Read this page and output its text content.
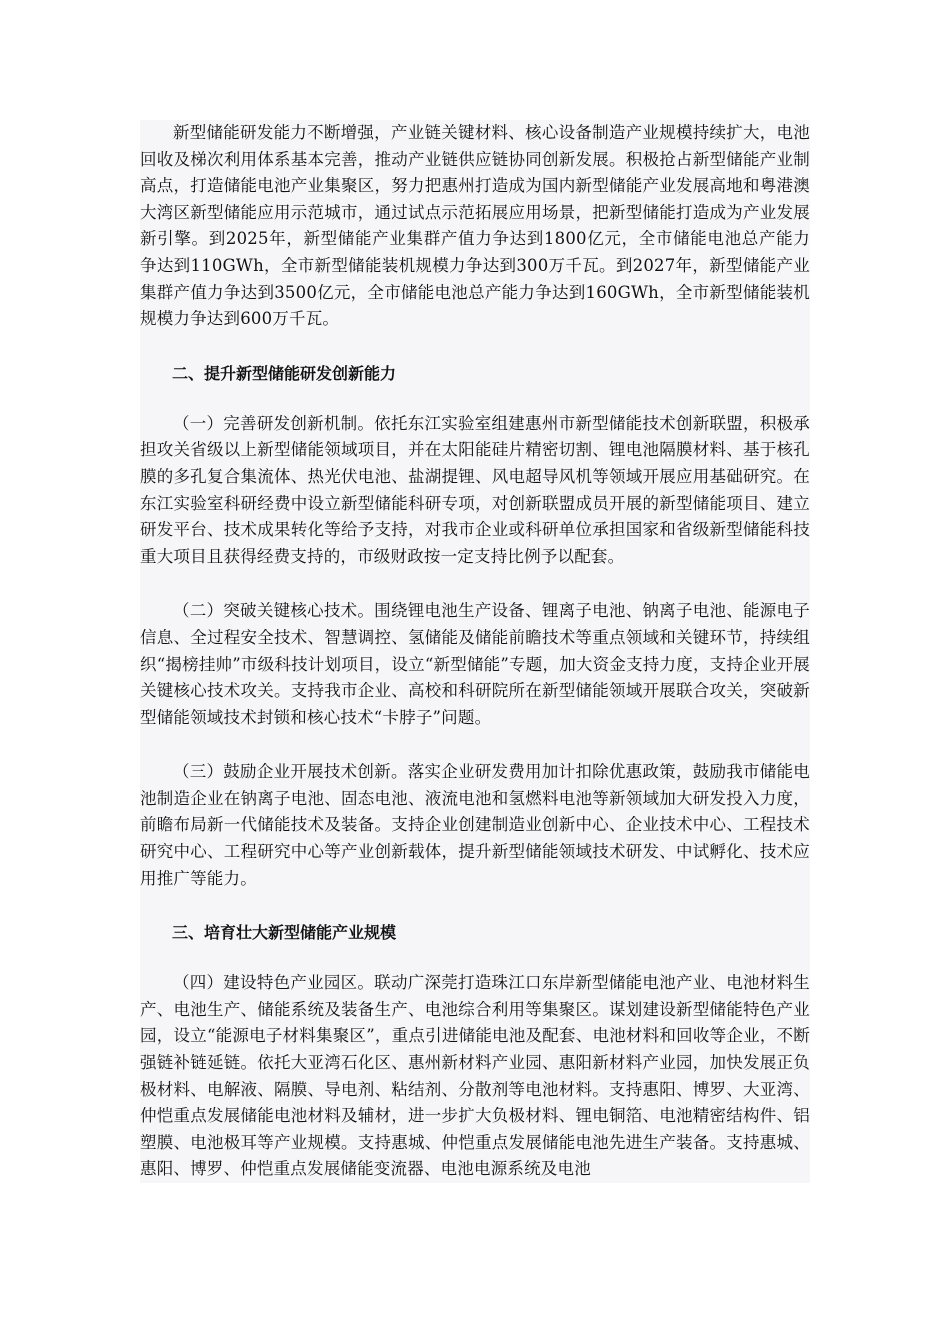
新型储能研发能力不断增强，产业链关键材料、核心设备制造产业规模持续扩大，电池回收及梯次利用体系基本完善，推动产业链供应链协同创新发展。积极抢占新型储能产业制高点，打造储能电池产业集聚区，努力把惠州打造成为国内新型储能产业发展高地和粤港澳大湾区新型储能应用示范城市，通过试点示范拓展应用场景，把新型储能打造成为产业发展新引擎。到2025年，新型储能产业集群产值力争达到1800亿元，全市储能电池总产能力争达到110GWh，全市新型储能装机规模力争达到300万千瓦。到2027年，新型储能产业集群产值力争达到3500亿元，全市储能电池总产能力争达到160GWh，全市新型储能装机规模力争达到600万千瓦。

二、提升新型储能研发创新能力

（一）完善研发创新机制。依托东江实验室组建惠州市新型储能技术创新联盟，积极承担攻关省级以上新型储能领域项目，并在太阳能硅片精密切割、锂电池隔膜材料、基于核孔膜的多孔复合集流体、热光伏电池、盐湖提锂、风电超导风机等领域开展应用基础研究。在东江实验室科研经费中设立新型储能科研专项，对创新联盟成员开展的新型储能项目、建立研发平台、技术成果转化等给予支持，对我市企业或科研单位承担国家和省级新型储能科技重大项目且获得经费支持的，市级财政按一定支持比例予以配套。

（二）突破关键核心技术。围绕锂电池生产设备、锂离子电池、钠离子电池、能源电子信息、全过程安全技术、智慧调控、氢储能及储能前瞻技术等重点领域和关键环节，持续组织“揭榜挂帅”市级科技计划项目，设立“新型储能”专题，加大资金支持力度，支持企业开展关键核心技术攻关。支持我市企业、高校和科研院所在新型储能领域开展联合攻关，突破新型储能领域技术封锁和核心技术“卡脖子”问题。

（三）鼓励企业开展技术创新。落实企业研发费用加计扣除优惠政策，鼓励我市储能电池制造企业在钠离子电池、固态电池、液流电池和氢燃料电池等新领域加大研发投入力度，前瞻布局新一代储能技术及装备。支持企业创建制造业创新中心、企业技术中心、工程技术研究中心、工程研究中心等产业创新载体，提升新型储能领域技术研发、中试孵化、技术应用推广等能力。

三、培育壮大新型储能产业规模

（四）建设特色产业园区。联动广深莞打造珠江口东岸新型储能电池产业、电池材料生产、电池生产、储能系统及装备生产、电池综合利用等集聚区。谋划建设新型储能特色产业园，设立“能源电子材料集聚区”，重点引进储能电池及配套、电池材料和回收等企业，不断强链补链延链。依托大亚湾石化区、惠州新材料产业园、惠阳新材料产业园，加快发展正负极材料、电解液、隔膜、导电剂、粘结剂、分散剂等电池材料。支持惠阳、博罗、大亚湾、仲恺重点发展储能电池材料及辅材，进一步扩大负极材料、锂电铜箔、电池精密结构件、铝塑膜、电池极耳等产业规模。支持惠城、仲恺重点发展储能电池先进生产装备。支持惠城、惠阳、博罗、仲恺重点发展储能变流器、电池电源系统及电池
